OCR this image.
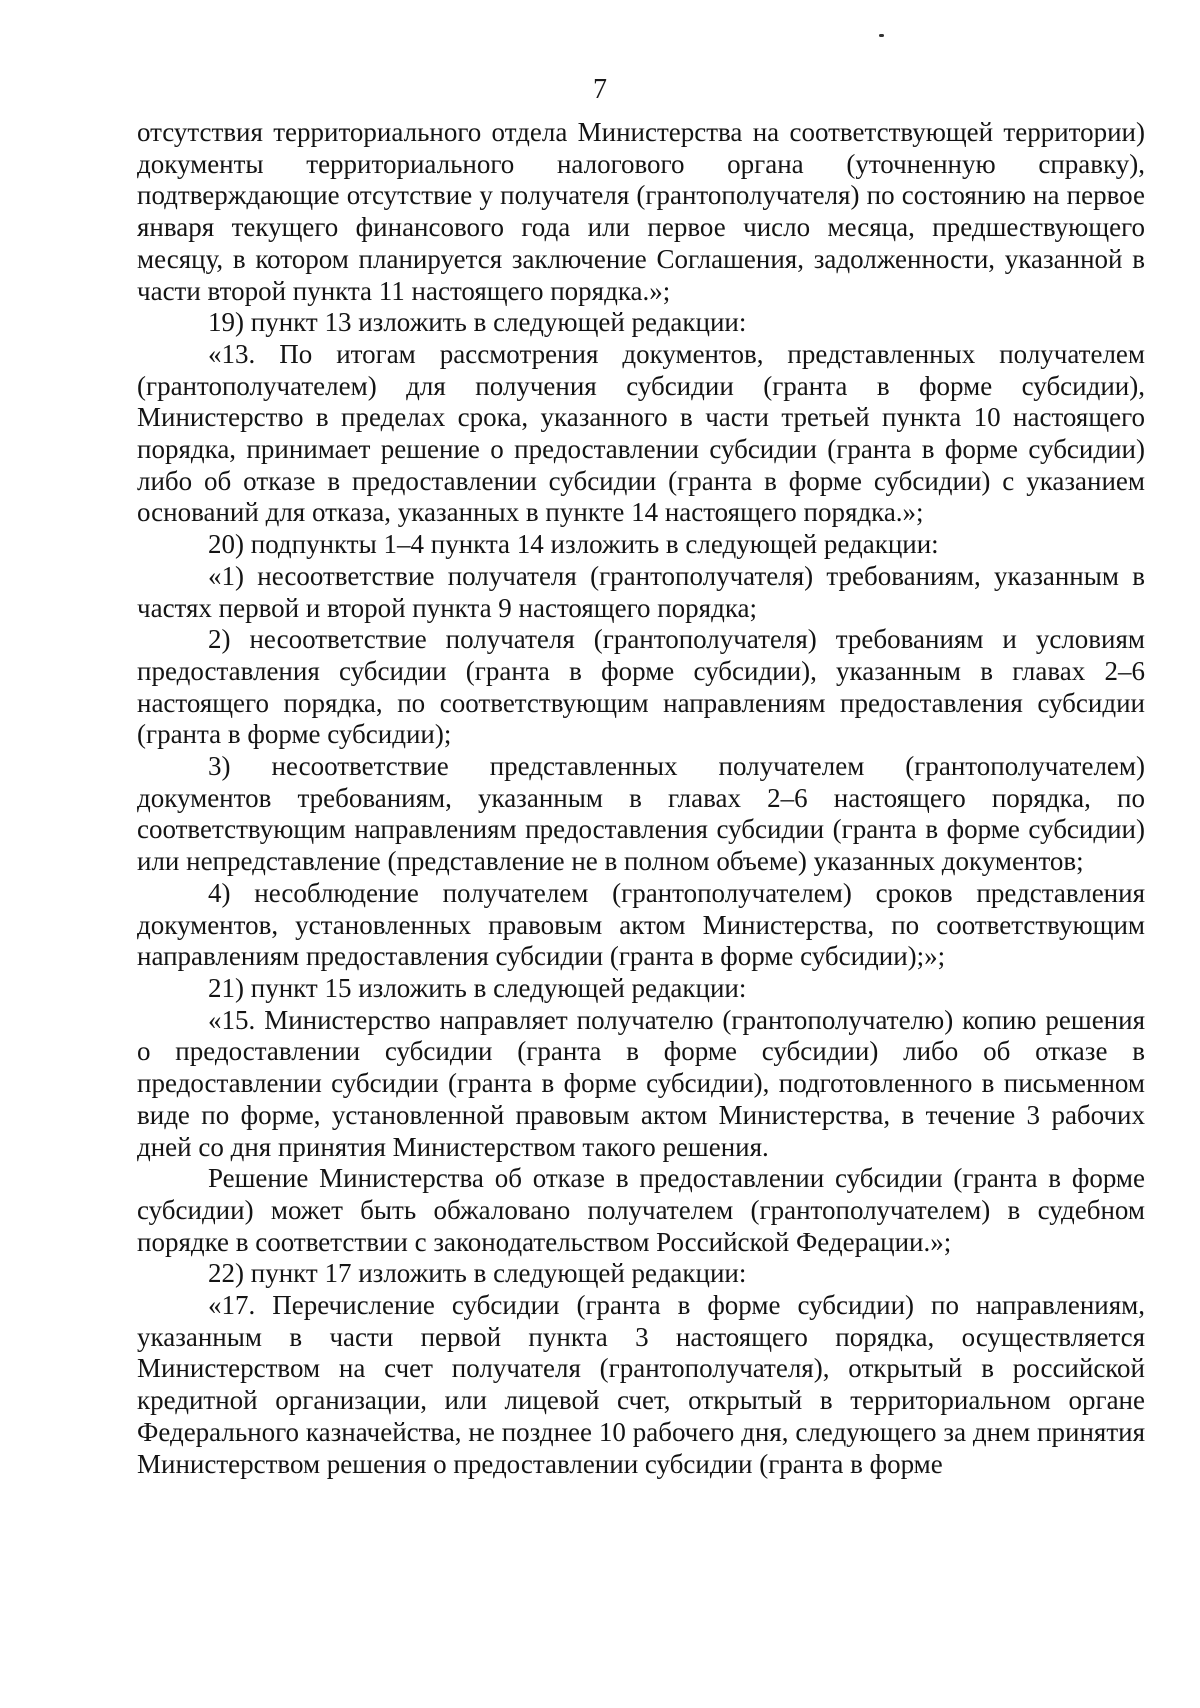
7

отсутствия территориального отдела Министерства на соответствующей территории) документы территориального налогового органа (уточненную справку), подтверждающие отсутствие у получателя (грантополучателя) по состоянию на первое января текущего финансового года или первое число месяца, предшествующего месяцу, в котором планируется заключение Соглашения, задолженности, указанной в части второй пункта 11 настоящего порядка.»;

19) пункт 13 изложить в следующей редакции:

«13. По итогам рассмотрения документов, представленных получателем (грантополучателем) для получения субсидии (гранта в форме субсидии), Министерство в пределах срока, указанного в части третьей пункта 10 настоящего порядка, принимает решение о предоставлении субсидии (гранта в форме субсидии) либо об отказе в предоставлении субсидии (гранта в форме субсидии) с указанием оснований для отказа, указанных в пункте 14 настоящего порядка.»;

20) подпункты 1–4 пункта 14 изложить в следующей редакции:

«1) несоответствие получателя (грантополучателя) требованиям, указанным в частях первой и второй пункта 9 настоящего порядка;

2) несоответствие получателя (грантополучателя) требованиям и условиям предоставления субсидии (гранта в форме субсидии), указанным в главах 2–6 настоящего порядка, по соответствующим направлениям предоставления субсидии (гранта в форме субсидии);

3) несоответствие представленных получателем (грантополучателем) документов требованиям, указанным в главах 2–6 настоящего порядка, по соответствующим направлениям предоставления субсидии (гранта в форме субсидии) или непредставление (представление не в полном объеме) указанных документов;

4) несоблюдение получателем (грантополучателем) сроков представления документов, установленных правовым актом Министерства, по соответствующим направлениям предоставления субсидии (гранта в форме субсидии);»;

21) пункт 15 изложить в следующей редакции:

«15. Министерство направляет получателю (грантополучателю) копию решения о предоставлении субсидии (гранта в форме субсидии) либо об отказе в предоставлении субсидии (гранта в форме субсидии), подготовленного в письменном виде по форме, установленной правовым актом Министерства, в течение 3 рабочих дней со дня принятия Министерством такого решения.

Решение Министерства об отказе в предоставлении субсидии (гранта в форме субсидии) может быть обжаловано получателем (грантополучателем) в судебном порядке в соответствии с законодательством Российской Федерации.»;

22) пункт 17 изложить в следующей редакции:

«17. Перечисление субсидии (гранта в форме субсидии) по направлениям, указанным в части первой пункта 3 настоящего порядка, осуществляется Министерством на счет получателя (грантополучателя), открытый в российской кредитной организации, или лицевой счет, открытый в территориальном органе Федерального казначейства, не позднее 10 рабочего дня, следующего за днем принятия Министерством решения о предоставлении субсидии (гранта в форме
